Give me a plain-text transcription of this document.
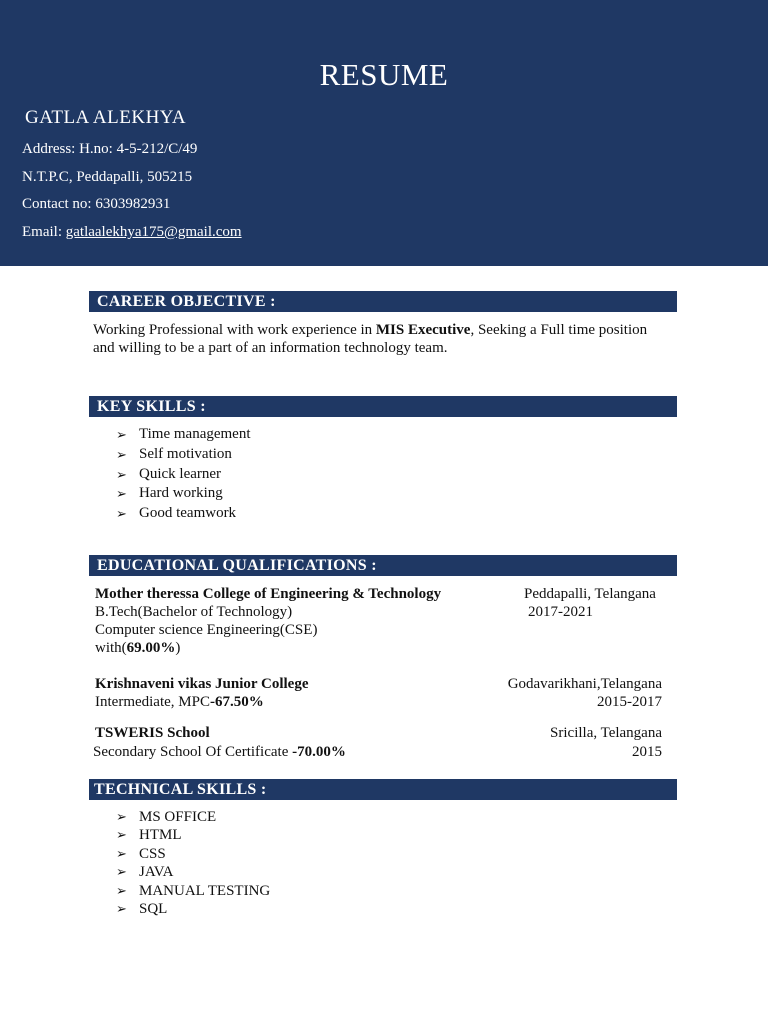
RESUME
GATLA ALEKHYA
Address: H.no: 4-5-212/C/49
N.T.P.C, Peddapalli, 505215
Contact no: 6303982931
Email: gatlaalekhya175@gmail.com
CAREER OBJECTIVE :
Working Professional with work experience in MIS Executive, Seeking a Full time position
and willing to be a part of an information technology team.
KEY SKILLS :
➢ Time management
➢ Self motivation
➢ Quick learner
➢ Hard working
➢ Good teamwork
EDUCATIONAL QUALIFICATIONS :
Mother theressa College of Engineering & Technology	Peddapalli, Telangana
B.Tech(Bachelor of Technology)	2017-2021
Computer science Engineering(CSE)
with(69.00%)
Krishnaveni vikas Junior College	Godavarikhani,Telangana
Intermediate, MPC-67.50%	2015-2017
TSWERIS School	Sricilla, Telangana
Secondary School Of Certificate -70.00%	2015
TECHNICAL SKILLS :
➢ MS OFFICE
➢ HTML
➢ CSS
➢ JAVA
➢ MANUAL TESTING
➢ SQL
